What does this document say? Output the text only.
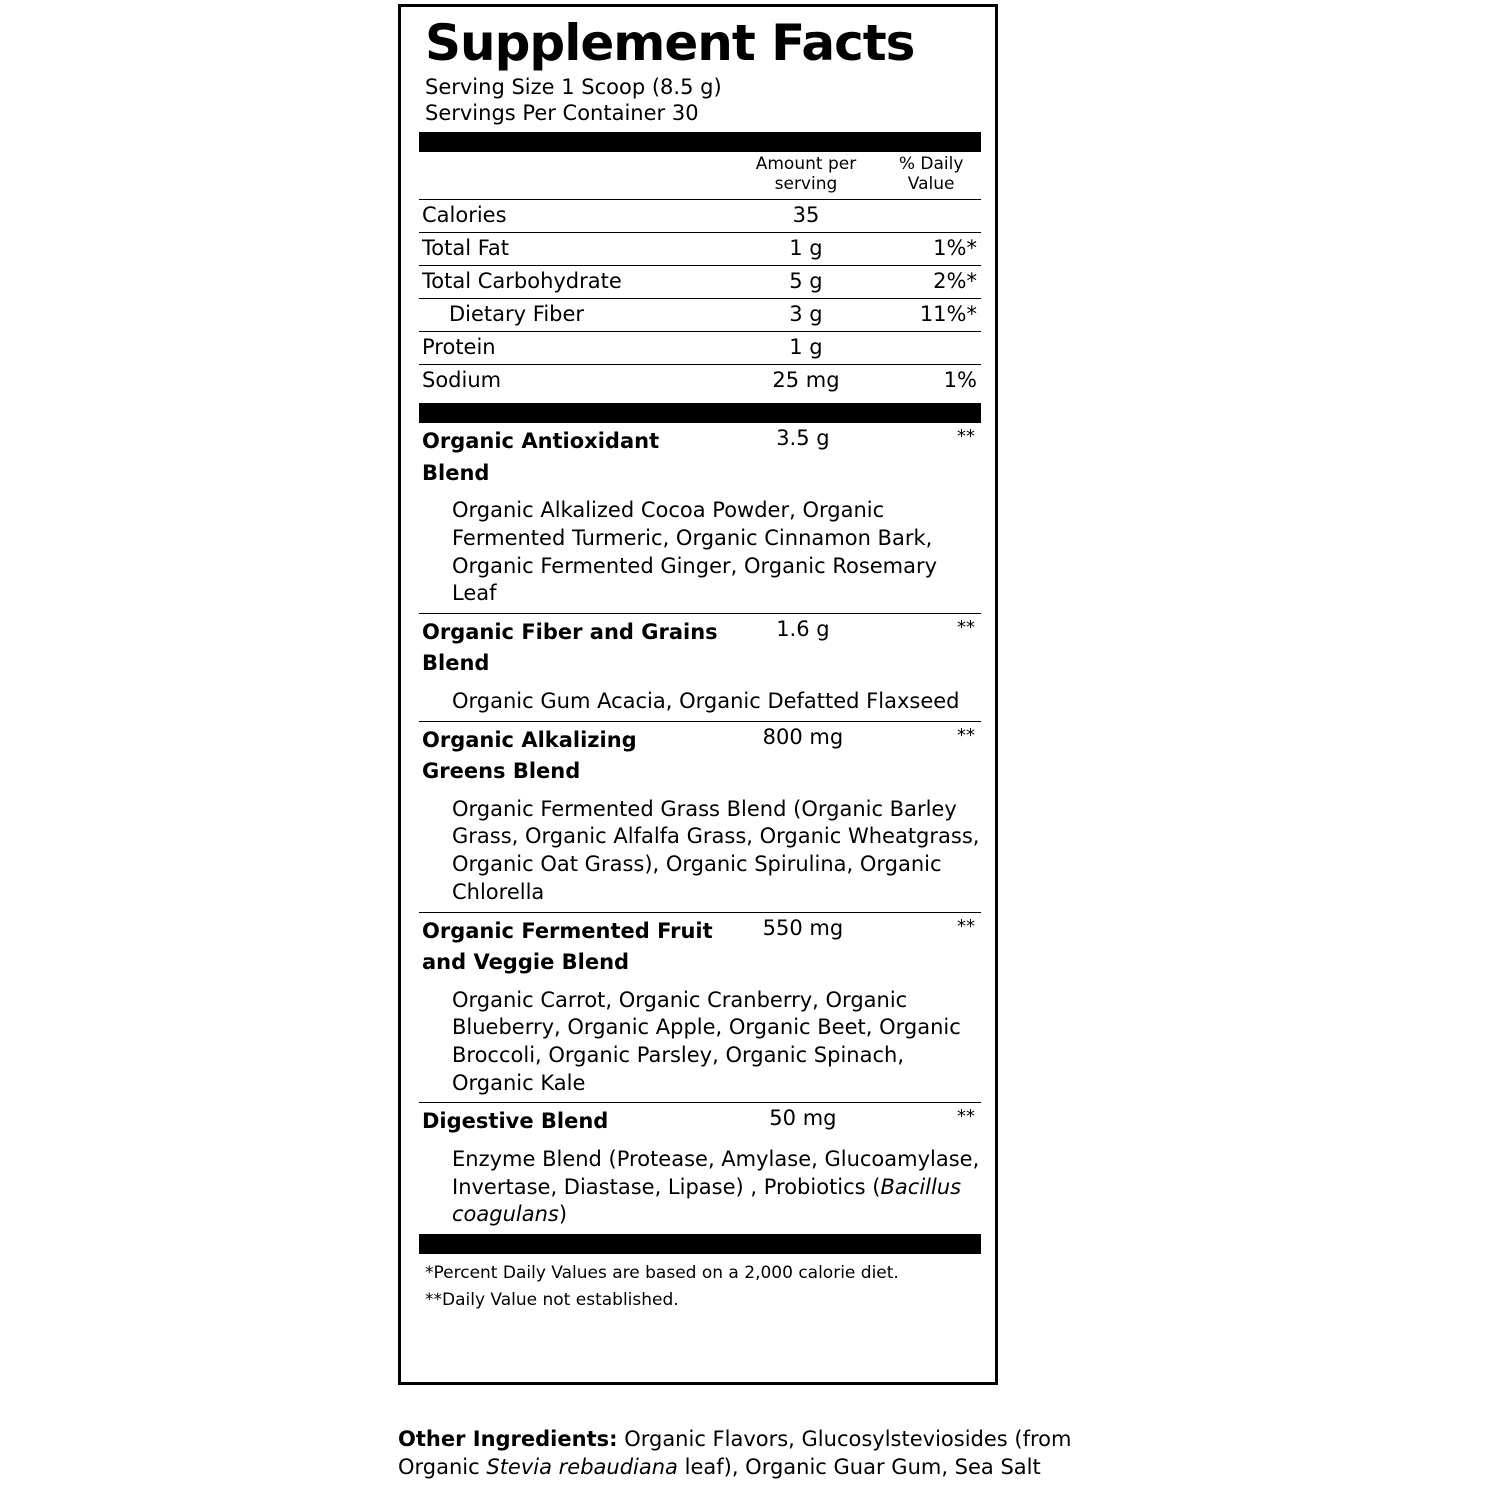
Supplement Facts
Serving Size 1 Scoop (8.5 g)
Servings Per Container 30
	Amount per
serving	% Daily
Value
Calories	35	
Total Fat	1 g	1%*
Total Carbohydrate	5 g	2%*
Dietary Fiber	3 g	11%*
Protein	1 g	
Sodium	25 mg	1%
Organic Antioxidant Blend	3.5 g	**
Organic Alkalized Cocoa Powder, Organic Fermented Turmeric, Organic Cinnamon Bark, Organic Fermented Ginger, Organic Rosemary Leaf		
Organic Fiber and Grains Blend	1.6 g	**
Organic Gum Acacia, Organic Defatted Flaxseed		
Organic Alkalizing Greens Blend	800 mg	**
Organic Fermented Grass Blend (Organic Barley Grass, Organic Alfalfa Grass, Organic Wheatgrass, Organic Oat Grass), Organic Spirulina, Organic Chlorella		
Organic Fermented Fruit and Veggie Blend	550 mg	**
Organic Carrot, Organic Cranberry, Organic Blueberry, Organic Apple, Organic Beet, Organic Broccoli, Organic Parsley, Organic Spinach, Organic Kale		
Digestive Blend	50 mg	**
Enzyme Blend (Protease, Amylase, Glucoamylase, Invertase, Diastase, Lipase) , Probiotics (Bacillus coagulans)		
*Percent Daily Values are based on a 2,000 calorie diet.
**Daily Value not established.
Other Ingredients: Organic Flavors, Glucosylsteviosides (from Organic Stevia rebaudiana leaf), Organic Guar Gum, Sea Salt
